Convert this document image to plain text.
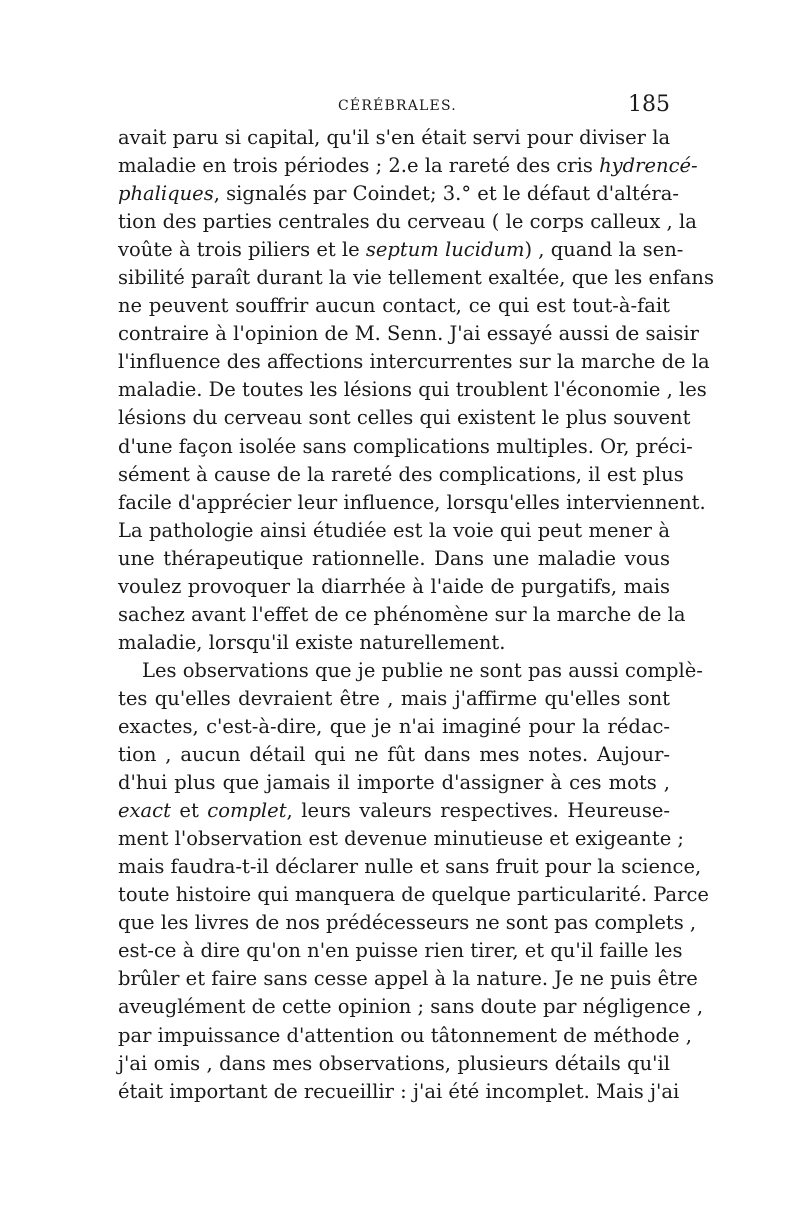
CÉRÉBRALES.	185
avait paru si capital, qu'il s'en était servi pour diviser la
maladie en trois périodes ; 2.e la rareté des cris hydrencé-
phaliques, signalés par Coindet; 3.° et le défaut d'altéra-
tion des parties centrales du cerveau ( le corps calleux , la
voûte à trois piliers et le septum lucidum) , quand la sen-
sibilité paraît durant la vie tellement exaltée, que les enfans
ne peuvent souffrir aucun contact, ce qui est tout-à-fait
contraire à l'opinion de M. Senn. J'ai essayé aussi de saisir
l'influence des affections intercurrentes sur la marche de la
maladie. De toutes les lésions qui troublent l'économie , les
lésions du cerveau sont celles qui existent le plus souvent
d'une façon isolée sans complications multiples. Or, préci-
sément à cause de la rareté des complications, il est plus
facile d'apprécier leur influence, lorsqu'elles interviennent.
La pathologie ainsi étudiée est la voie qui peut mener à
une thérapeutique rationnelle. Dans une maladie vous
voulez provoquer la diarrhée à l'aide de purgatifs, mais
sachez avant l'effet de ce phénomène sur la marche de la
maladie, lorsqu'il existe naturellement.
Les observations que je publie ne sont pas aussi complè-
tes qu'elles devraient être , mais j'affirme qu'elles sont
exactes, c'est-à-dire, que je n'ai imaginé pour la rédac-
tion , aucun détail qui ne fût dans mes notes. Aujour-
d'hui plus que jamais il importe d'assigner à ces mots ,
exact et complet, leurs valeurs respectives. Heureuse-
ment l'observation est devenue minutieuse et exigeante ;
mais faudra-t-il déclarer nulle et sans fruit pour la science,
toute histoire qui manquera de quelque particularité. Parce
que les livres de nos prédécesseurs ne sont pas complets ,
est-ce à dire qu'on n'en puisse rien tirer, et qu'il faille les
brûler et faire sans cesse appel à la nature. Je ne puis être
aveuglément de cette opinion ; sans doute par négligence ,
par impuissance d'attention ou tâtonnement de méthode ,
j'ai omis , dans mes observations, plusieurs détails qu'il
était important de recueillir : j'ai été incomplet. Mais j'ai
